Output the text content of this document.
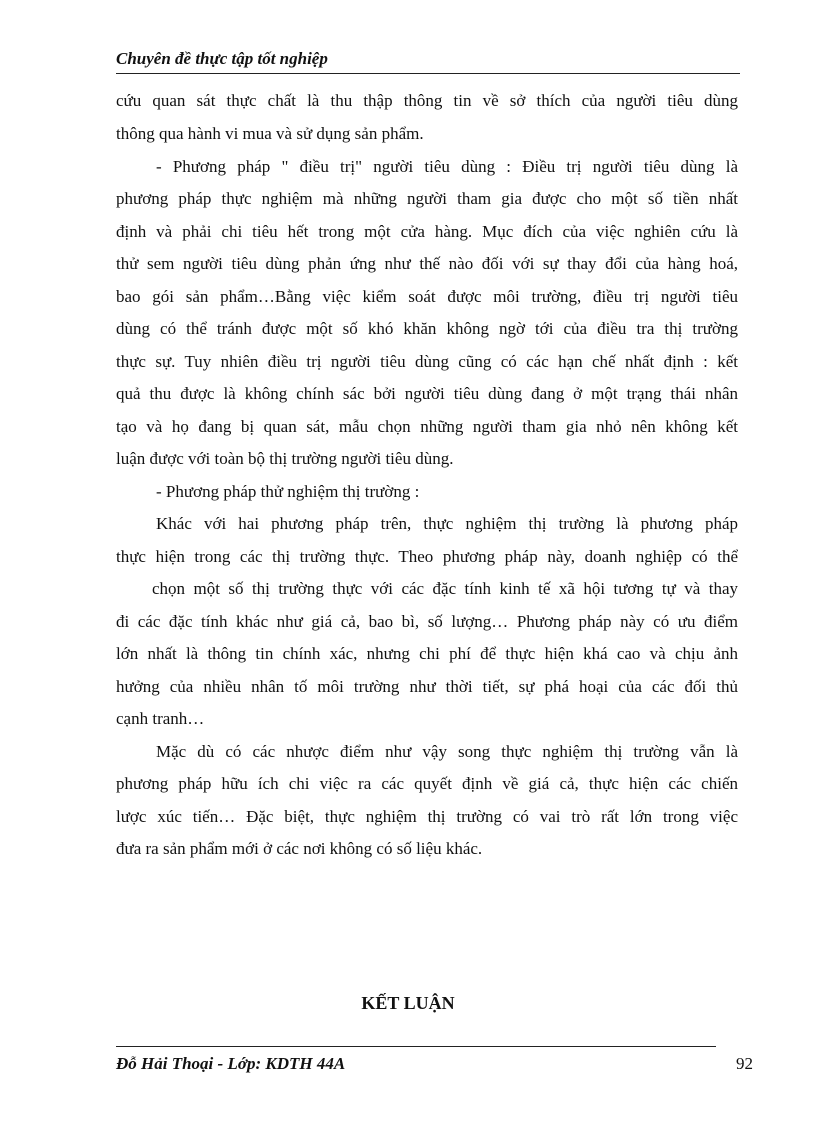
Chuyên đề thực tập tốt nghiệp
cứu quan sát thực chất là thu thập thông tin về sở thích của người tiêu dùng
thông qua hành vi mua và sử dụng sản phẩm.
- Phương pháp " điều trị" người tiêu dùng : Điều trị người tiêu dùng là
phương pháp thực nghiệm mà những người tham gia được cho một số tiền nhất
định và phải chi tiêu hết trong một cửa hàng. Mục đích của việc nghiên cứu là
thử sem người tiêu dùng phản ứng như thế nào đối với sự thay đổi của hàng hoá,
bao gói sản phẩm…Bằng việc kiểm soát được môi trường, điều trị người tiêu
dùng có thể tránh được một số khó khăn không ngờ tới của điều tra thị trường
thực sự. Tuy nhiên điều trị người tiêu dùng cũng có các hạn chế nhất định : kết
quả thu được là không chính sác bởi người tiêu dùng đang ở một trạng thái nhân
tạo và họ đang bị quan sát, mẫu chọn những người tham gia nhỏ nên không kết
luận được với toàn bộ thị trường người tiêu dùng.
- Phương pháp thử nghiệm thị trường :
Khác với hai phương pháp trên, thực nghiệm thị trường là phương pháp
thực hiện trong các thị trường thực. Theo phương pháp này, doanh nghiệp có thể
chọn một số thị trường thực với các đặc tính kinh tế xã hội tương tự và thay
đi các đặc tính khác như giá cả, bao bì, số lượng… Phương pháp này có ưu điểm
lớn nhất là thông tin chính xác, nhưng chi phí để thực hiện khá cao và chịu ảnh
hưởng của nhiều nhân tố môi trường như thời tiết, sự phá hoại của các đối thủ
cạnh tranh…
Mặc dù có các nhược điểm như vậy song thực nghiệm thị trường vẫn là
phương pháp hữu ích chi việc ra các quyết định về giá cả, thực hiện các chiến
lược xúc tiến… Đặc biệt, thực nghiệm thị trường có vai trò rất lớn trong việc
đưa ra sản phẩm mới ở các nơi không có số liệu khác.
KẾT LUẬN
Đỗ Hải Thoại - Lớp: KDTH 44A	92
